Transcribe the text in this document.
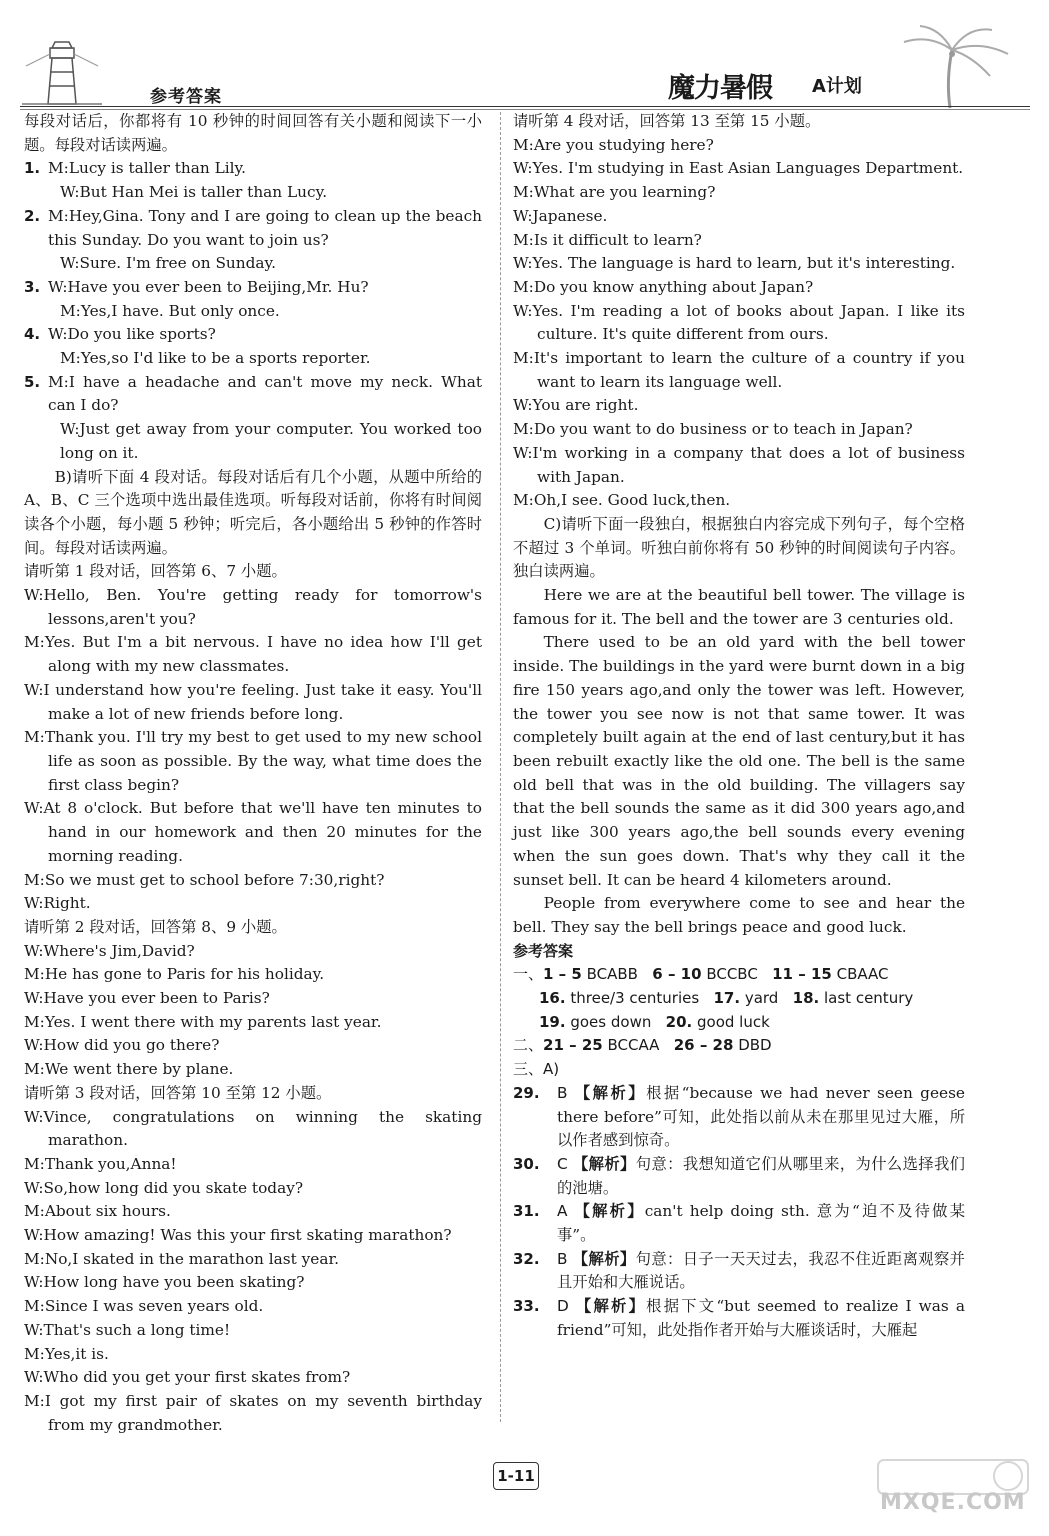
参考答案	魔力暑假 A计划
每段对话后，你都将有 10 秒钟的时间回答有关小题和阅读下一小题。每段对话读两遍。
1. M:Lucy is taller than Lily.
W:But Han Mei is taller than Lucy.
2. M:Hey,Gina. Tony and I are going to clean up the beach this Sunday. Do you want to join us?
W:Sure. I'm free on Sunday.
3. W:Have you ever been to Beijing,Mr. Hu?
M:Yes,I have. But only once.
4. W:Do you like sports?
M:Yes,so I'd like to be a sports reporter.
5. M:I have a headache and can't move my neck. What can I do?
W:Just get away from your computer. You worked too long on it.
B)请听下面 4 段对话。每段对话后有几个小题，从题中所给的 A、B、C 三个选项中选出最佳选项。听每段对话前，你将有时间阅读各个小题，每小题 5 秒钟；听完后，各小题给出 5 秒钟的作答时间。每段对话读两遍。
请听第 1 段对话，回答第 6、7 小题。
W:Hello, Ben. You're getting ready for tomorrow's lessons,aren't you?
M:Yes. But I'm a bit nervous. I have no idea how I'll get along with my new classmates.
W:I understand how you're feeling. Just take it easy. You'll make a lot of new friends before long.
M:Thank you. I'll try my best to get used to my new school life as soon as possible. By the way, what time does the first class begin?
W:At 8 o'clock. But before that we'll have ten minutes to hand in our homework and then 20 minutes for the morning reading.
M:So we must get to school before 7:30,right?
W:Right.
请听第 2 段对话，回答第 8、9 小题。
W:Where's Jim,David?
M:He has gone to Paris for his holiday.
W:Have you ever been to Paris?
M:Yes. I went there with my parents last year.
W:How did you go there?
M:We went there by plane.
请听第 3 段对话，回答第 10 至第 12 小题。
W:Vince, congratulations on winning the skating marathon.
M:Thank you,Anna!
W:So,how long did you skate today?
M:About six hours.
W:How amazing! Was this your first skating marathon?
M:No,I skated in the marathon last year.
W:How long have you been skating?
M:Since I was seven years old.
W:That's such a long time!
M:Yes,it is.
W:Who did you get your first skates from?
M:I got my first pair of skates on my seventh birthday from my grandmother.
请听第 4 段对话，回答第 13 至第 15 小题。
M:Are you studying here?
W:Yes. I'm studying in East Asian Languages Department.
M:What are you learning?
W:Japanese.
M:Is it difficult to learn?
W:Yes. The language is hard to learn, but it's interesting.
M:Do you know anything about Japan?
W:Yes. I'm reading a lot of books about Japan. I like its culture. It's quite different from ours.
M:It's important to learn the culture of a country if you want to learn its language well.
W:You are right.
M:Do you want to do business or to teach in Japan?
W:I'm working in a company that does a lot of business with Japan.
M:Oh,I see. Good luck,then.
C)请听下面一段独白，根据独白内容完成下列句子，每个空格不超过 3 个单词。听独白前你将有 50 秒钟的时间阅读句子内容。独白读两遍。
Here we are at the beautiful bell tower. The village is famous for it. The bell and the tower are 3 centuries old.
There used to be an old yard with the bell tower inside. The buildings in the yard were burnt down in a big fire 150 years ago,and only the tower was left. However, the tower you see now is not that same tower. It was completely built again at the end of last century,but it has been rebuilt exactly like the old one. The bell is the same old bell that was in the old building. The villagers say that the bell sounds the same as it did 300 years ago,and just like 300 years ago,the bell sounds every evening when the sun goes down. That's why they call it the sunset bell. It can be heard 4 kilometers around.
People from everywhere come to see and hear the bell. They say the bell brings peace and good luck.
参考答案
一、1 – 5 BCABB 6 – 10 BCCBC 11 – 15 CBAAC
16. three/3 centuries 17. yard 18. last century
19. goes down 20. good luck
二、21 – 25 BCCAA 26 – 28 DBD
三、A)
29. B 【解析】根据“because we had never seen geese there before”可知，此处指以前从未在那里见过大雁，所以作者感到惊奇。
30. C 【解析】句意：我想知道它们从哪里来，为什么选择我们的池塘。
31. A 【解析】can't help doing sth. 意为“迫不及待做某事”。
32. B 【解析】句意：日子一天天过去，我忍不住近距离观察并且开始和大雁说话。
33. D 【解析】根据下文“but seemed to realize I was a friend”可知，此处指作者开始与大雁谈话时，大雁起
1-11
MXQE.COM
